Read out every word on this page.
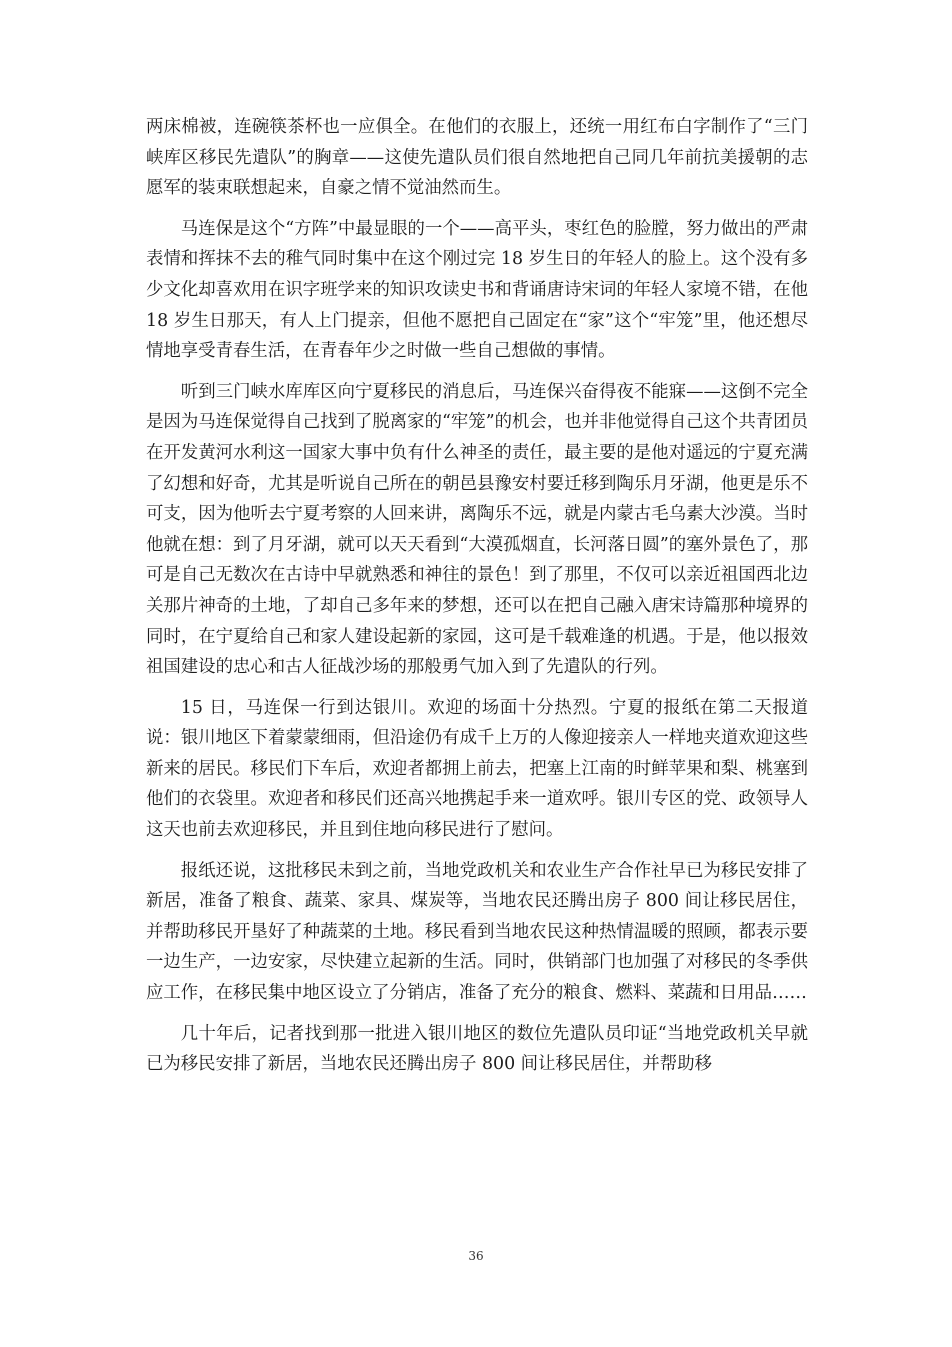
两床棉被，连碗筷茶杯也一应俱全。在他们的衣服上，还统一用红布白字制作了“三门峡库区移民先遣队”的胸章——这使先遣队员们很自然地把自己同几年前抗美援朝的志愿军的装束联想起来，自豪之情不觉油然而生。

马连保是这个“方阵”中最显眼的一个——高平头，枣红色的脸膛，努力做出的严肃表情和挥抹不去的稚气同时集中在这个刚过完 18 岁生日的年轻人的脸上。这个没有多少文化却喜欢用在识字班学来的知识攻读史书和背诵唐诗宋词的年轻人家境不错，在他 18 岁生日那天，有人上门提亲，但他不愿把自己固定在“家”这个“牢笼”里，他还想尽情地享受青春生活，在青春年少之时做一些自己想做的事情。

听到三门峡水库库区向宁夏移民的消息后，马连保兴奋得夜不能寐——这倒不完全是因为马连保觉得自己找到了脱离家的“牢笼”的机会，也并非他觉得自己这个共青团员在开发黄河水利这一国家大事中负有什么神圣的责任，最主要的是他对遥远的宁夏充满了幻想和好奇，尤其是听说自己所在的朝邑县豫安村要迁移到陶乐月牙湖，他更是乐不可支，因为他听去宁夏考察的人回来讲，离陶乐不远，就是内蒙古毛乌素大沙漠。当时他就在想：到了月牙湖，就可以天天看到“大漠孤烟直，长河落日圆”的塞外景色了，那可是自己无数次在古诗中早就熟悉和神往的景色！到了那里，不仅可以亲近祖国西北边关那片神奇的土地，了却自己多年来的梦想，还可以在把自己融入唐宋诗篇那种境界的同时，在宁夏给自己和家人建设起新的家园，这可是千载难逢的机遇。于是，他以报效祖国建设的忠心和古人征战沙场的那般勇气加入到了先遣队的行列。

15 日，马连保一行到达银川。欢迎的场面十分热烈。宁夏的报纸在第二天报道说：银川地区下着蒙蒙细雨，但沿途仍有成千上万的人像迎接亲人一样地夹道欢迎这些新来的居民。移民们下车后，欢迎者都拥上前去，把塞上江南的时鲜苹果和梨、桃塞到他们的衣袋里。欢迎者和移民们还高兴地携起手来一道欢呼。银川专区的党、政领导人这天也前去欢迎移民，并且到住地向移民进行了慰问。

报纸还说，这批移民未到之前，当地党政机关和农业生产合作社早已为移民安排了新居，准备了粮食、蔬菜、家具、煤炭等，当地农民还腾出房子 800 间让移民居住，并帮助移民开垦好了种蔬菜的土地。移民看到当地农民这种热情温暖的照顾，都表示要一边生产，一边安家，尽快建立起新的生活。同时，供销部门也加强了对移民的冬季供应工作，在移民集中地区设立了分销店，准备了充分的粮食、燃料、菜蔬和日用品……

几十年后，记者找到那一批进入银川地区的数位先遣队员印证“当地党政机关早就已为移民安排了新居，当地农民还腾出房子 800 间让移民居住，并帮助移

36
